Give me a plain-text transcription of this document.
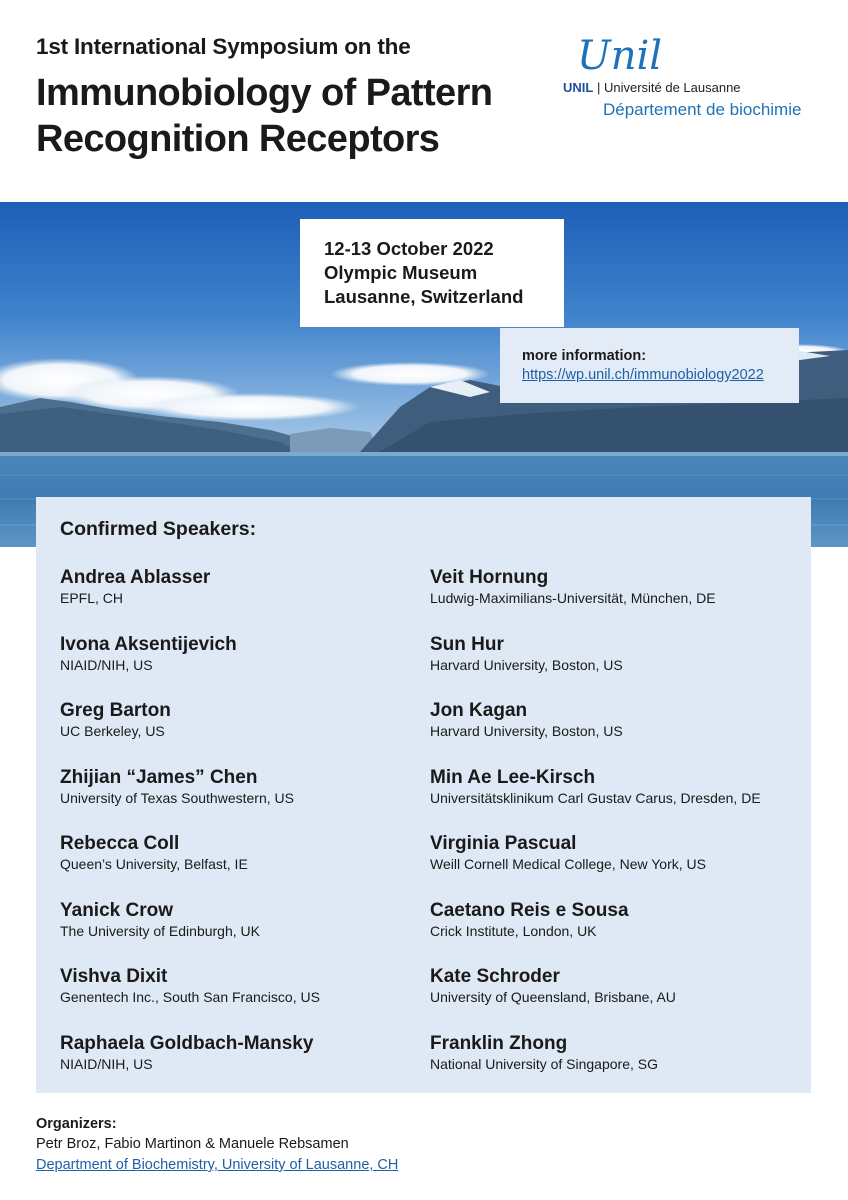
1st International Symposium on the
Immunobiology of Pattern Recognition Receptors
Unil
UNIL | Université de Lausanne
Département de biochimie
12-13 October 2022
Olympic Museum
Lausanne, Switzerland
more information:
https://wp.unil.ch/immunobiology2022
Confirmed Speakers:
Andrea Ablasser
EPFL, CH
Ivona Aksentijevich
NIAID/NIH, US
Greg Barton
UC Berkeley, US
Zhijian “James” Chen
University of Texas Southwestern, US
Rebecca Coll
Queen’s University, Belfast, IE
Yanick Crow
The University of Edinburgh, UK
Vishva Dixit
Genentech Inc., South San Francisco, US
Raphaela Goldbach-Mansky
NIAID/NIH, US
Veit Hornung
Ludwig-Maximilians-Universität, München, DE
Sun Hur
Harvard University, Boston, US
Jon Kagan
Harvard University, Boston, US
Min Ae Lee-Kirsch
Universitätsklinikum Carl Gustav Carus, Dresden, DE
Virginia Pascual
Weill Cornell Medical College, New York, US
Caetano Reis e Sousa
Crick Institute, London, UK
Kate Schroder
University of Queensland, Brisbane, AU
Franklin Zhong
National University of Singapore, SG
Organizers:
Petr Broz, Fabio Martinon & Manuele Rebsamen
Department of Biochemistry, University of Lausanne, CH
